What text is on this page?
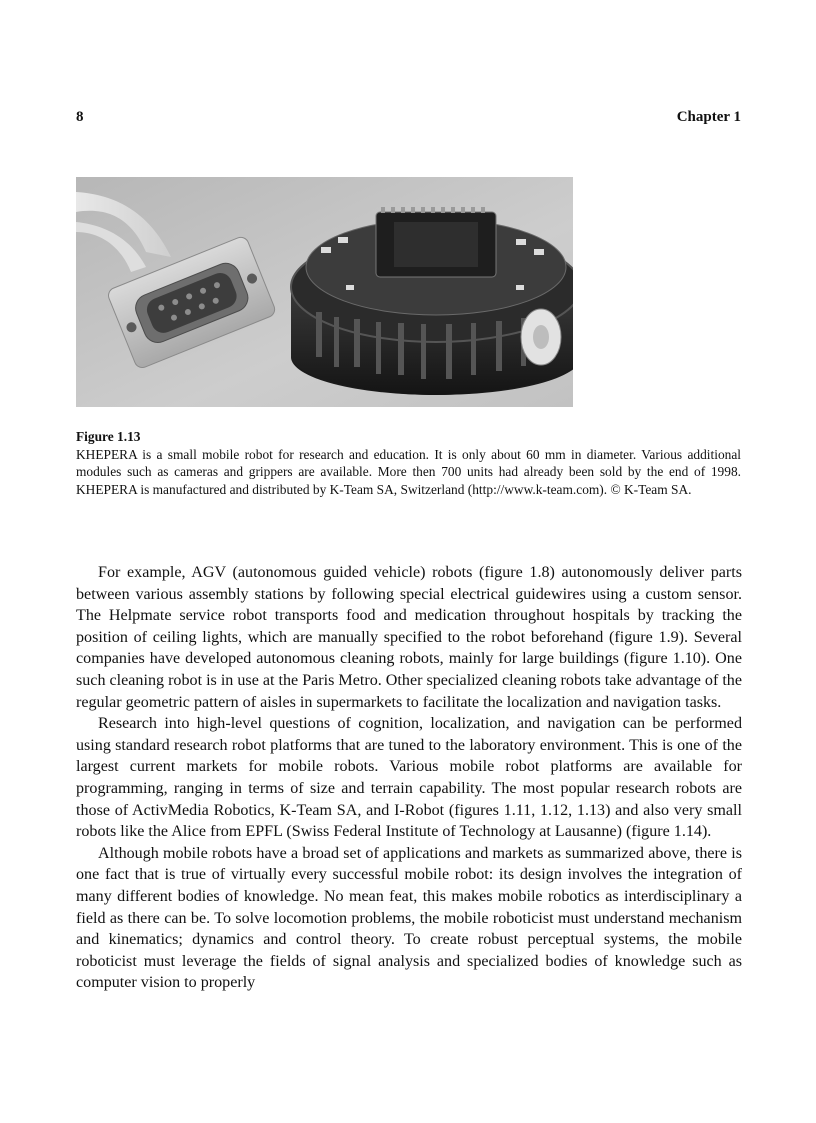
8	Chapter 1
Figure 1.13
KHEPERA is a small mobile robot for research and education. It is only about 60 mm in diameter. Various additional modules such as cameras and grippers are available. More then 700 units had already been sold by the end of 1998. KHEPERA is manufactured and distributed by K-Team SA, Switzerland (http://www.k-team.com). © K-Team SA.

For example, AGV (autonomous guided vehicle) robots (figure 1.8) autonomously deliver parts between various assembly stations by following special electrical guidewires using a custom sensor. The Helpmate service robot transports food and medication throughout hospitals by tracking the position of ceiling lights, which are manually specified to the robot beforehand (figure 1.9). Several companies have developed autonomous cleaning robots, mainly for large buildings (figure 1.10). One such cleaning robot is in use at the Paris Metro. Other specialized cleaning robots take advantage of the regular geometric pattern of aisles in supermarkets to facilitate the localization and navigation tasks.

Research into high-level questions of cognition, localization, and navigation can be performed using standard research robot platforms that are tuned to the laboratory environment. This is one of the largest current markets for mobile robots. Various mobile robot platforms are available for programming, ranging in terms of size and terrain capability. The most popular research robots are those of ActivMedia Robotics, K-Team SA, and I-Robot (figures 1.11, 1.12, 1.13) and also very small robots like the Alice from EPFL (Swiss Federal Institute of Technology at Lausanne) (figure 1.14).

Although mobile robots have a broad set of applications and markets as summarized above, there is one fact that is true of virtually every successful mobile robot: its design involves the integration of many different bodies of knowledge. No mean feat, this makes mobile robotics as interdisciplinary a field as there can be. To solve locomotion problems, the mobile roboticist must understand mechanism and kinematics; dynamics and control theory. To create robust perceptual systems, the mobile roboticist must leverage the fields of signal analysis and specialized bodies of knowledge such as computer vision to properly
